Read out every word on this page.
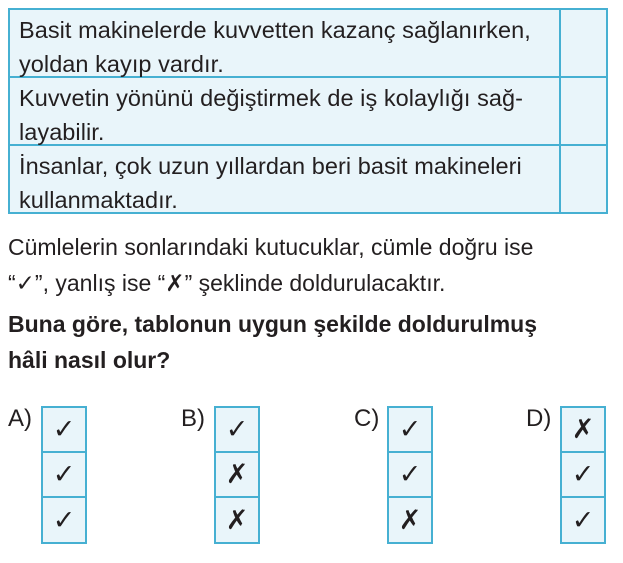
Basit makinelerde kuvvetten kazanç sağlanırken,
yoldan kayıp vardır.
Kuvvetin yönünü değiştirmek de iş kolaylığı sağ-
layabilir.
İnsanlar, çok uzun yıllardan beri basit makineleri
kullanmaktadır.
Cümlelerin sonlarındaki kutucuklar, cümle doğru ise
“✓”, yanlış ise “✗” şeklinde doldurulacaktır.
Buna göre, tablonun uygun şekilde doldurulmuş
hâli nasıl olur?
A) ✓
✓
✓
B) ✓
✗
✗
C) ✓
✓
✗
D) ✗
✓
✓
